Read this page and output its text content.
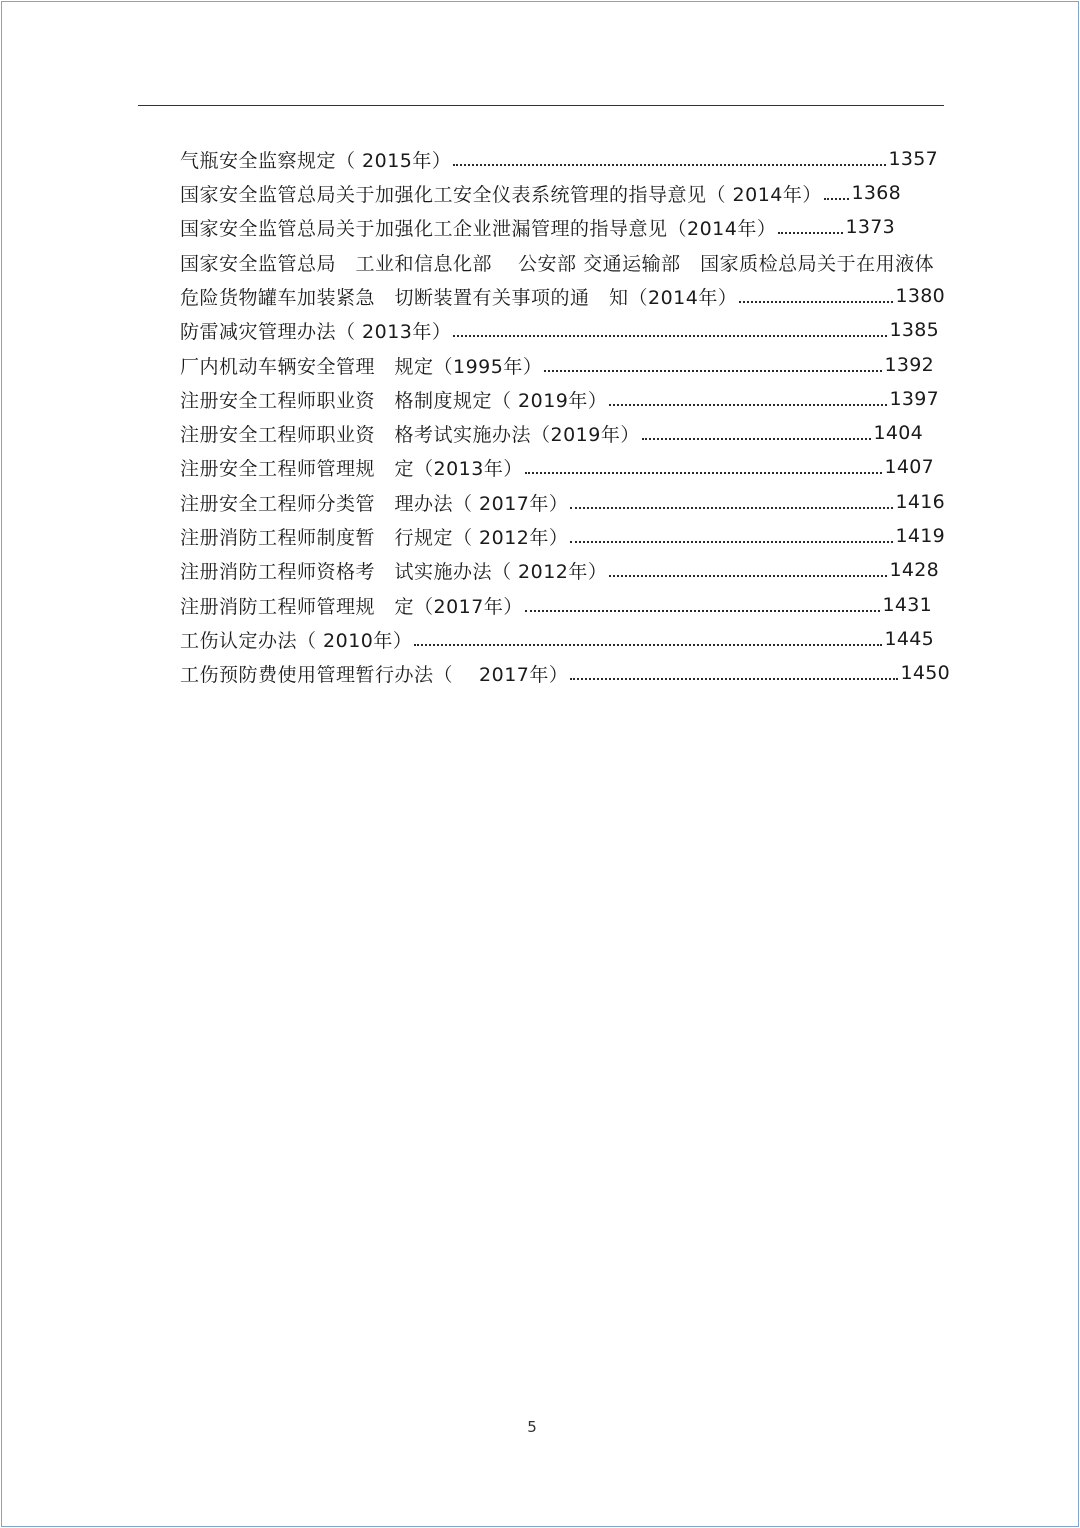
气瓶安全监察规定（ 2015年）	1357
国家安全监管总局关于加强化工安全仪表系统管理的指导意见（ 2014年） 1368
国家安全监管总局关于加强化工企业泄漏管理的指导意见（2014年）	1373
国家安全监管总局　工业和信息化部　 公安部 交通运输部　国家质检总局关于在用液体
危险货物罐车加装紧急　切断装置有关事项的通　知（2014年）	1380
防雷减灾管理办法（ 2013年）	1385
厂内机动车辆安全管理　规定（1995年）	1392
注册安全工程师职业资　格制度规定（ 2019年）	1397
注册安全工程师职业资　格考试实施办法（2019年）	1404
注册安全工程师管理规　定（2013年）	1407
注册安全工程师分类管　理办法（ 2017年）	1416
注册消防工程师制度暂　行规定（ 2012年）	1419
注册消防工程师资格考　试实施办法（ 2012年）	1428
注册消防工程师管理规　定（2017年）	1431
工伤认定办法（ 2010年）	1445
工伤预防费使用管理暂行办法（　 2017年）	1450
5
